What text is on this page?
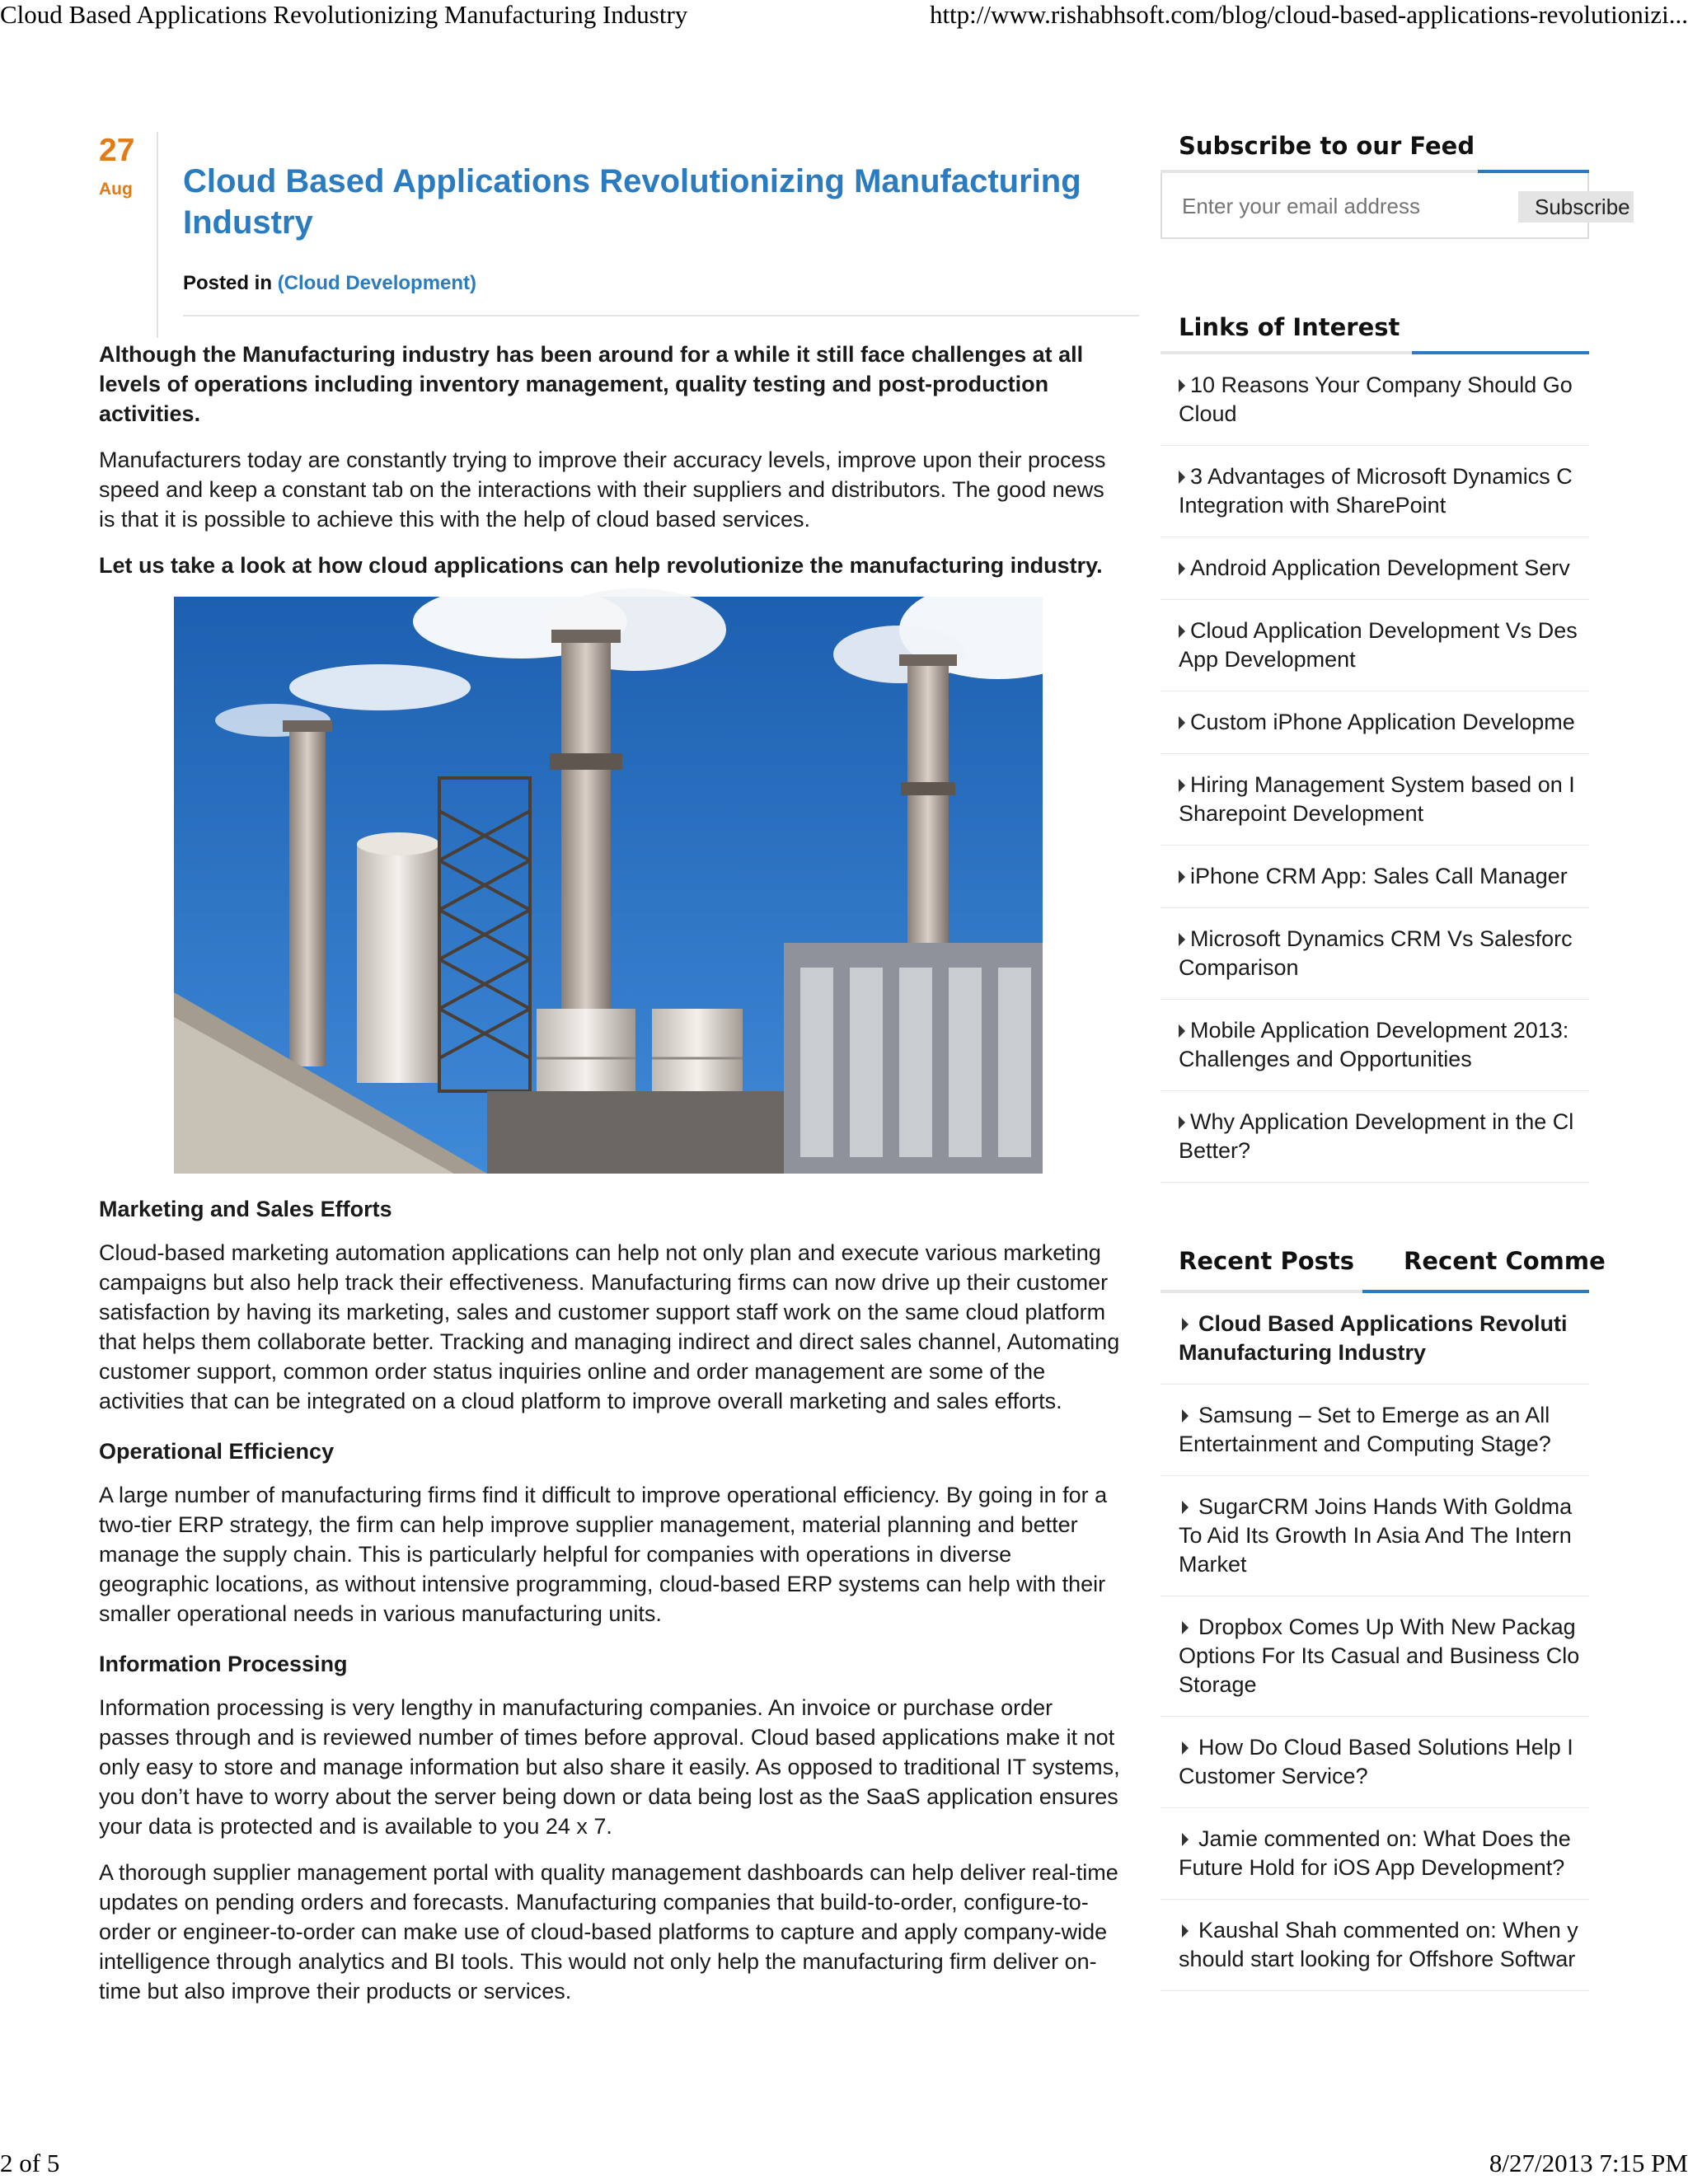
Cloud Based Applications Revolutionizing Manufacturing Industry	http://www.rishabhsoft.com/blog/cloud-based-applications-revolutionizi...
27
Aug	Cloud Based Applications Revolutionizing Manufacturing Industry
Posted in (Cloud Development)

Although the Manufacturing industry has been around for a while it still face challenges at all levels of operations including inventory management, quality testing and post-production activities.

Manufacturers today are constantly trying to improve their accuracy levels, improve upon their process speed and keep a constant tab on the interactions with their suppliers and distributors. The good news is that it is possible to achieve this with the help of cloud based services.

Let us take a look at how cloud applications can help revolutionize the manufacturing industry.

Marketing and Sales Efforts

Cloud-based marketing automation applications can help not only plan and execute various marketing campaigns but also help track their effectiveness. Manufacturing firms can now drive up their customer satisfaction by having its marketing, sales and customer support staff work on the same cloud platform that helps them collaborate better. Tracking and managing indirect and direct sales channel, Automating customer support, common order status inquiries online and order management are some of the activities that can be integrated on a cloud platform to improve overall marketing and sales efforts.

Operational Efficiency

A large number of manufacturing firms find it difficult to improve operational efficiency. By going in for a two-tier ERP strategy, the firm can help improve supplier management, material planning and better manage the supply chain. This is particularly helpful for companies with operations in diverse geographic locations, as without intensive programming, cloud-based ERP systems can help with their smaller operational needs in various manufacturing units.

Information Processing

Information processing is very lengthy in manufacturing companies. An invoice or purchase order passes through and is reviewed number of times before approval. Cloud based applications make it not only easy to store and manage information but also share it easily. As opposed to traditional IT systems, you don’t have to worry about the server being down or data being lost as the SaaS application ensures your data is protected and is available to you 24 x 7.

A thorough supplier management portal with quality management dashboards can help deliver real-time updates on pending orders and forecasts. Manufacturing companies that build-to-order, configure-to-order or engineer-to-order can make use of cloud-based platforms to capture and apply company-wide intelligence through analytics and BI tools. This would not only help the manufacturing firm deliver on-time but also improve their products or services.

Subscribe to our Feed
Enter your email address
Subscribe
Links of Interest
10 Reasons Your Company Should Go
Cloud
3 Advantages of Microsoft Dynamics C
Integration with SharePoint
Android Application Development Serv
Cloud Application Development Vs Des
App Development
Custom iPhone Application Developme
Hiring Management System based on I
Sharepoint Development
iPhone CRM App: Sales Call Manager
Microsoft Dynamics CRM Vs Salesforc
Comparison
Mobile Application Development 2013:
Challenges and Opportunities
Why Application Development in the Cl
Better?
Recent Posts Recent Comme
Cloud Based Applications Revoluti
Manufacturing Industry
Samsung – Set to Emerge as an All
Entertainment and Computing Stage?
SugarCRM Joins Hands With Goldma
To Aid Its Growth In Asia And The Intern
Market
Dropbox Comes Up With New Packag
Options For Its Casual and Business Clo
Storage
How Do Cloud Based Solutions Help I
Customer Service?
Jamie commented on: What Does the
Future Hold for iOS App Development?
Kaushal Shah commented on: When y
should start looking for Offshore Softwar
2 of 5	8/27/2013 7:15 PM
